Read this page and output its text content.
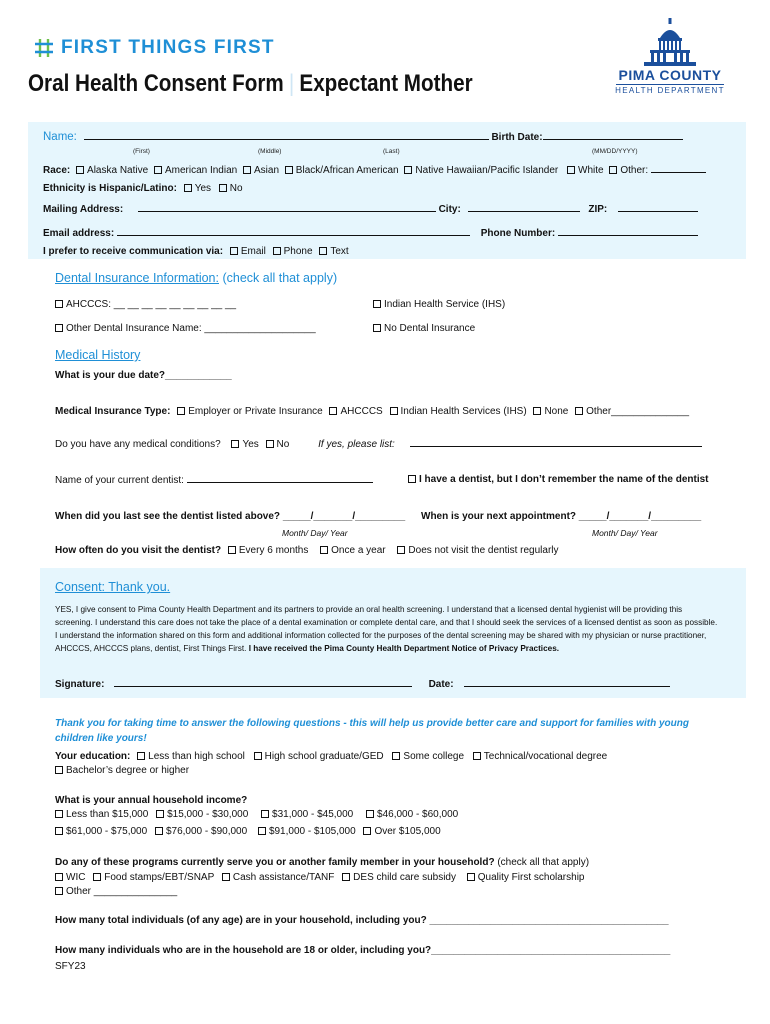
FIRST THINGS FIRST
Oral Health Consent Form | Expectant Mother	PIMA COUNTY
HEALTH DEPARTMENT
Name:	Birth Date:
(First)	(Middle)	(Last)	(MM/DD/YYYY)
Race: Alaska Native American Indian Asian Black/African American Native Hawaiian/Pacific Islander White Other:
Ethnicity is Hispanic/Latino: Yes No
Mailing Address:	City:	ZIP:
Email address:	Phone Number:
I prefer to receive communication via: Email Phone Text
Dental Insurance Information: (check all that apply)
AHCCCS: __ __ __ __ __ __ __ __ __	Indian Health Service (IHS)
Other Dental Insurance Name: ____________________	No Dental Insurance
Medical History
What is your due date?____________
Medical Insurance Type: Employer or Private Insurance AHCCCS Indian Health Services (IHS) None Other______________
Do you have any medical conditions? Yes No	If yes, please list:
Name of your current dentist:	I have a dentist, but I don’t remember the name of the dentist
When did you last see the dentist listed above? _____/_______/_________ When is your next appointment? _____/_______/_________
Month/ Day/ Year	Month/ Day/ Year
How often do you visit the dentist? Every 6 months Once a year Does not visit the dentist regularly
Consent: Thank you.
YES, I give consent to Pima County Health Department and its partners to provide an oral health screening. I understand that a licensed dental hygienist will be providing this screening. I understand this care does not take the place of a dental examination or complete dental care, and that I should seek the services of a licensed dentist as soon as possible. I understand the information shared on this form and additional information collected for the purposes of the dental screening may be shared with my physician or nurse practitioner, AHCCCS, AHCCCS plans, dentist, First Things First. I have received the Pima County Health Department Notice of Privacy Practices.
Signature:	Date:
Thank you for taking time to answer the following questions - this will help us provide better care and support for families with young children like yours!
Your education: Less than high school High school graduate/GED Some college Technical/vocational degree
Bachelor’s degree or higher
What is your annual household income?
Less than $15,000 $15,000 - $30,000 $31,000 - $45,000 $46,000 - $60,000
$61,000 - $75,000 $76,000 - $90,000 $91,000 - $105,000 Over $105,000
Do any of these programs currently serve you or another family member in your household? (check all that apply)
WIC Food stamps/EBT/SNAP Cash assistance/TANF DES child care subsidy Quality First scholarship
Other _______________
How many total individuals (of any age) are in your household, including you? ___________________________________________
How many individuals who are in the household are 18 or older, including you?___________________________________________
SFY23
